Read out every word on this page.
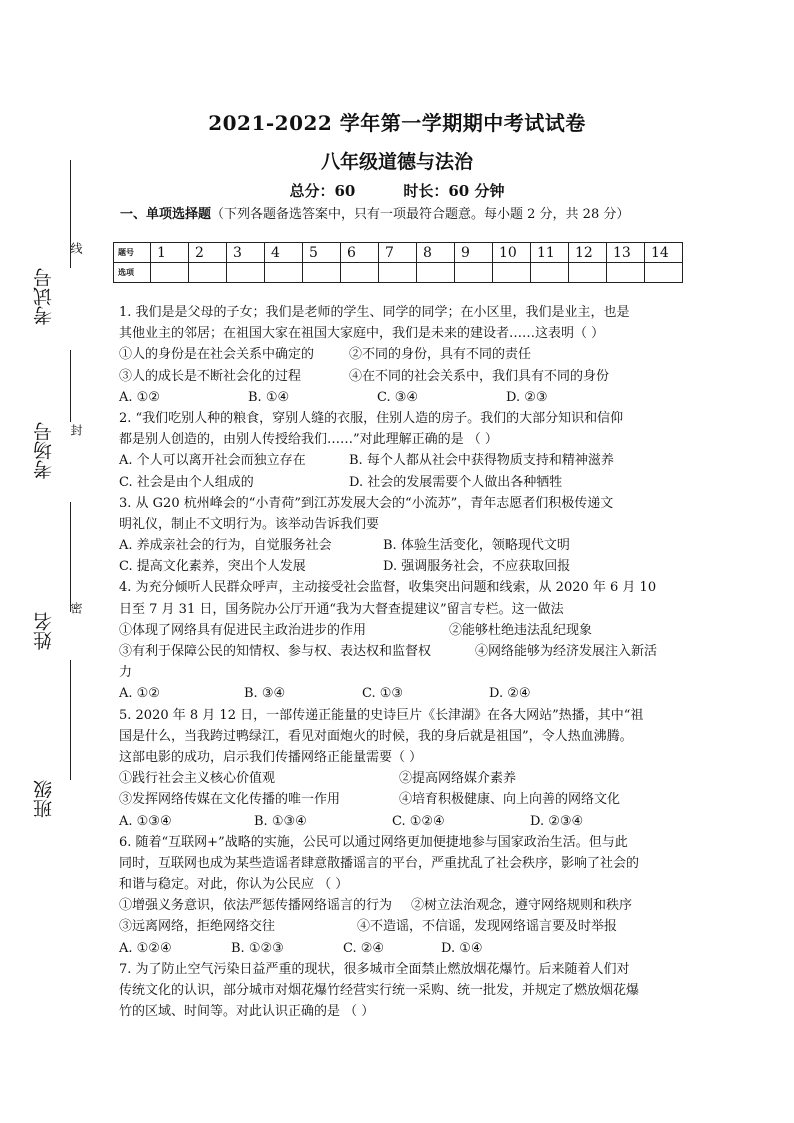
考试号
考场号
姓名
班级
线
封
密
2021-2022 学年第一学期期中考试试卷
八年级道德与法治
总分：60	时长：60 分钟
一、单项选择题（下列各题备选答案中，只有一项最符合题意。每小题 2 分，共 28 分）
题号	1	2	3	4	5	6	7	8	9	10	11	12	13	14
选项														
1. 我们是是父母的子女；我们是老师的学生、同学的同学；在小区里，我们是业主，也是
其他业主的邻居；在祖国大家在祖国大家庭中，我们是未来的建设者……这表明（ ）
①人的身份是在社会关系中确定的	②不同的身份，具有不同的责任
③人的成长是不断社会化的过程	④在不同的社会关系中，我们具有不同的身份
A. ①②	B. ①④	C. ③④	D. ②③
2. “我们吃别人种的粮食，穿别人缝的衣服，住别人造的房子。我们的大部分知识和信仰
都是别人创造的，由别人传授给我们……”对此理解正确的是 （ ）
A. 个人可以离开社会而独立存在	B. 每个人都从社会中获得物质支持和精神滋养
C. 社会是由个人组成的	D. 社会的发展需要个人做出各种牺牲
3. 从 G20 杭州峰会的“小青荷”到江苏发展大会的“小流苏”，青年志愿者们积极传递文
明礼仪，制止不文明行为。该举动告诉我们要
A. 养成亲社会的行为，自觉服务社会	B. 体验生活变化，领略现代文明
C. 提高文化素养，突出个人发展	D. 强调服务社会，不应获取回报
4. 为充分倾听人民群众呼声，主动接受社会监督，收集突出问题和线索，从 2020 年 6 月 10
日至 7 月 31 日，国务院办公厅开通“我为大督查提建议”留言专栏。这一做法
①体现了网络具有促进民主政治进步的作用	②能够杜绝违法乱纪现象
③有利于保障公民的知情权、参与权、表达权和监督权	④网络能够为经济发展注入新活
力
A. ①②	B. ③④	C. ①③	D. ②④
5. 2020 年 8 月 12 日，一部传递正能量的史诗巨片《长津湖》在各大网站”热播，其中“祖
国是什么，当我跨过鸭绿江，看见对面炮火的时候，我的身后就是祖国”，令人热血沸腾。
这部电影的成功，启示我们传播网络正能量需要（ ）
①践行社会主义核心价值观	②提高网络媒介素养
③发挥网络传媒在文化传播的唯一作用	④培育积极健康、向上向善的网络文化
A. ①③④	B. ①③④	C. ①②④	D. ②③④
6. 随着“互联网+”战略的实施，公民可以通过网络更加便捷地参与国家政治生活。但与此
同时，互联网也成为某些造谣者肆意散播谣言的平台，严重扰乱了社会秩序，影响了社会的
和谐与稳定。对此，你认为公民应 （ ）
①增强义务意识，依法严惩传播网络谣言的行为	②树立法治观念，遵守网络规则和秩序
③远离网络，拒绝网络交往	④不造谣，不信谣，发现网络谣言要及时举报
A. ①②④	B. ①②③	C. ②④	D. ①④
7. 为了防止空气污染日益严重的现状，很多城市全面禁止燃放烟花爆竹。后来随着人们对
传统文化的认识，部分城市对烟花爆竹经营实行统一采购、统一批发，并规定了燃放烟花爆
竹的区域、时间等。对此认识正确的是 （ ）
